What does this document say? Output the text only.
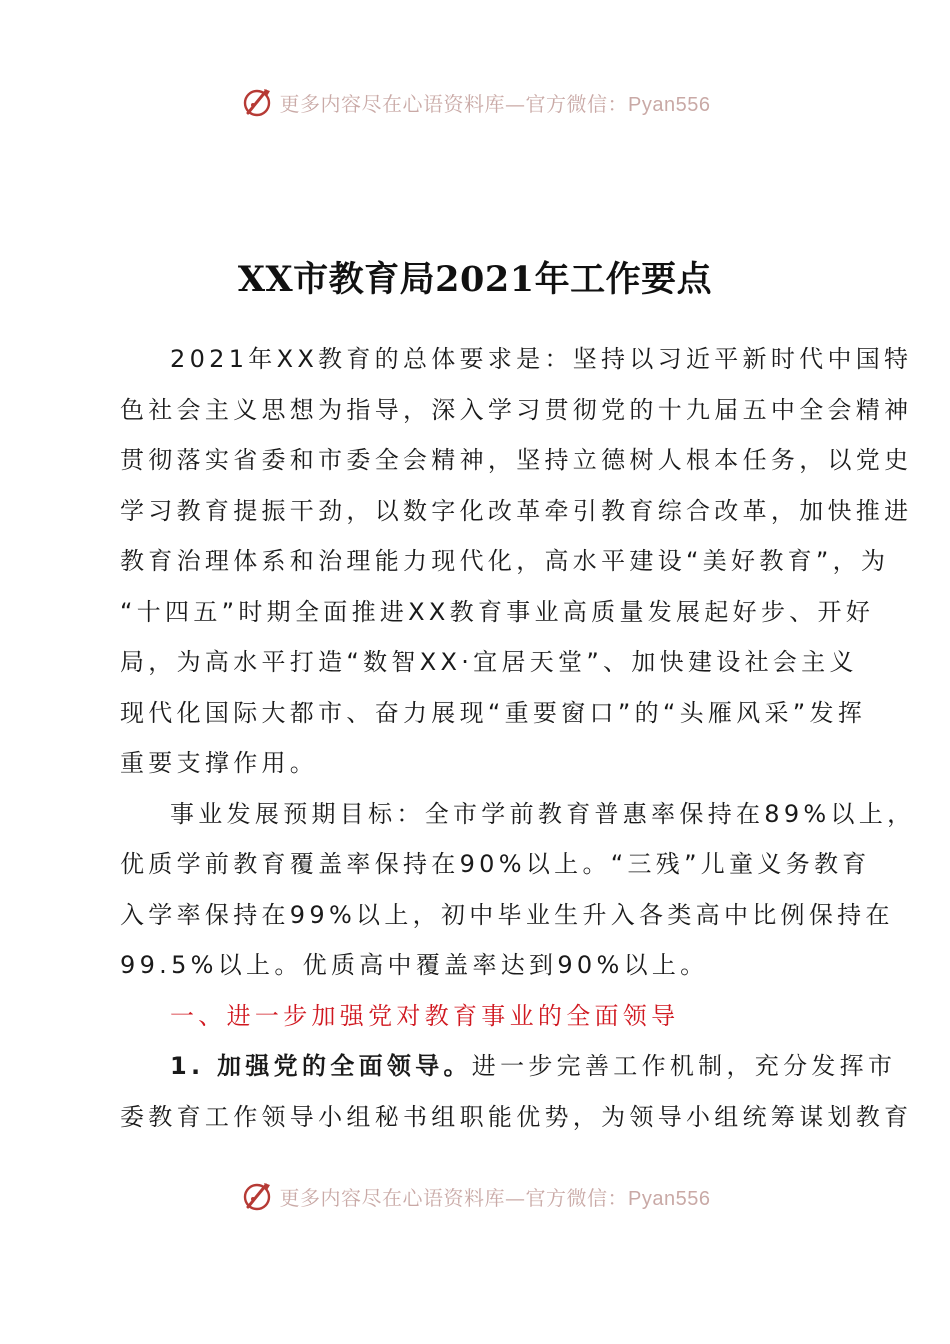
更多内容尽在心语资料库—官方微信：Pyan556
XX市教育局2021年工作要点
2021年XX教育的总体要求是：坚持以习近平新时代中国特
色社会主义思想为指导，深入学习贯彻党的十九届五中全会精神
贯彻落实省委和市委全会精神，坚持立德树人根本任务，以党史
学习教育提振干劲，以数字化改革牵引教育综合改革，加快推进
教育治理体系和治理能力现代化，高水平建设“美好教育”，为
“十四五”时期全面推进XX教育事业高质量发展起好步、开好
局，为高水平打造“数智XX·宜居天堂”、加快建设社会主义
现代化国际大都市、奋力展现“重要窗口”的“头雁风采”发挥
重要支撑作用。
事业发展预期目标：全市学前教育普惠率保持在89%以上，
优质学前教育覆盖率保持在90%以上。“三残”儿童义务教育
入学率保持在99%以上，初中毕业生升入各类高中比例保持在
99.5%以上。优质高中覆盖率达到90%以上。
一、进一步加强党对教育事业的全面领导
1. 加强党的全面领导。进一步完善工作机制，充分发挥市
委教育工作领导小组秘书组职能优势，为领导小组统筹谋划教育
更多内容尽在心语资料库—官方微信：Pyan556
